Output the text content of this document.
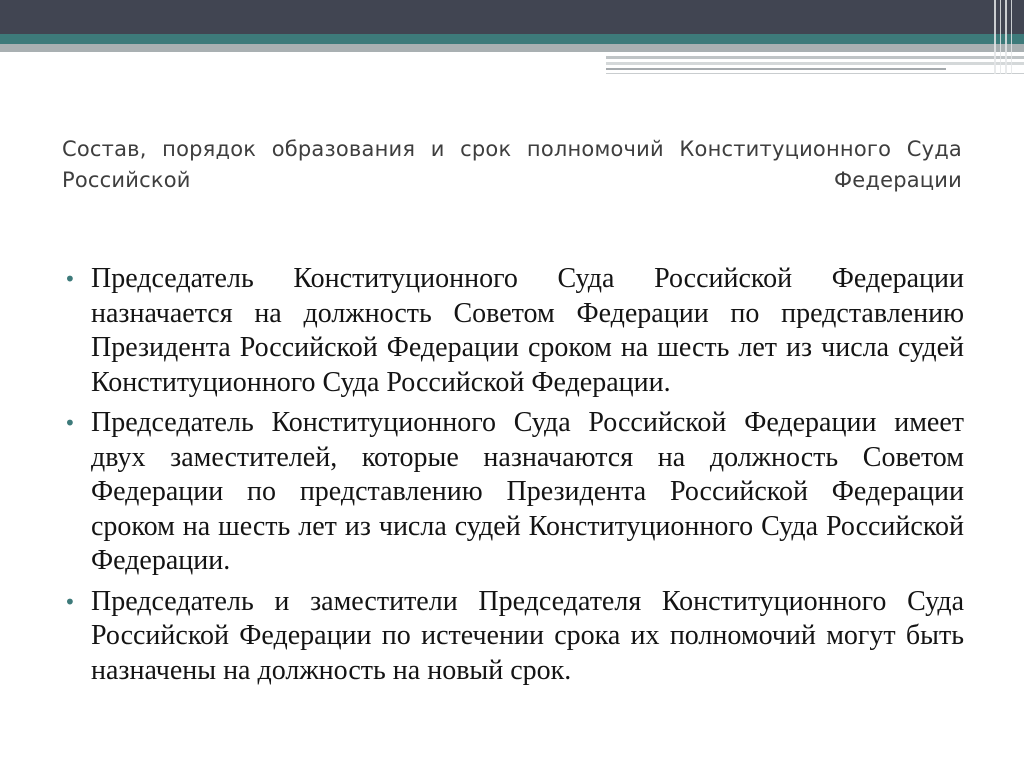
Состав, порядок образования и срок полномочий Конституционного Суда Российской Федерации
• Председатель Конституционного Суда Российской Федерации назначается на должность Советом Федерации по представлению Президента Российской Федерации сроком на шесть лет из числа судей Конституционного Суда Российской Федерации.
• Председатель Конституционного Суда Российской Федерации имеет двух заместителей, которые назначаются на должность Советом Федерации по представлению Президента Российской Федерации сроком на шесть лет из числа судей Конституционного Суда Российской Федерации.
• Председатель и заместители Председателя Конституционного Суда Российской Федерации по истечении срока их полномочий могут быть назначены на должность на новый срок.
